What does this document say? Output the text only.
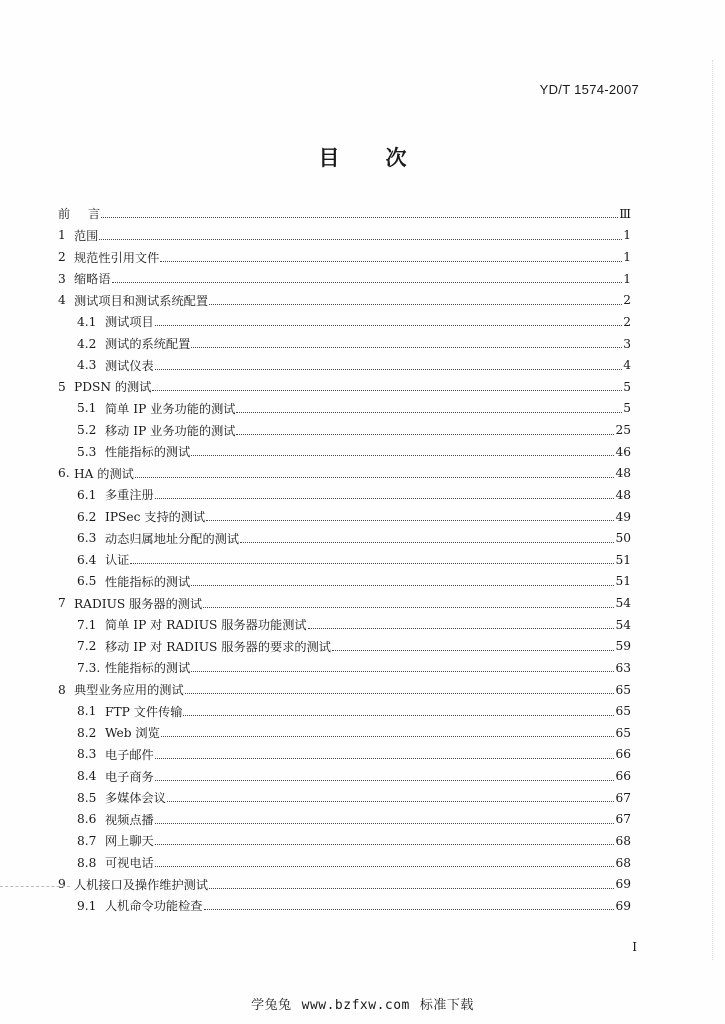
YD/T 1574-2007
目 次
前	言	Ⅲ
1 范围	1
2 规范性引用文件	1
3 缩略语	1
4 测试项目和测试系统配置	2
4.1 测试项目	2
4.2 测试的系统配置	3
4.3 测试仪表	4
5 PDSN 的测试	5
5.1 简单 IP 业务功能的测试	5
5.2 移动 IP 业务功能的测试	25
5.3 性能指标的测试	46
6. HA 的测试	48
6.1 多重注册	48
6.2 IPSec 支持的测试	49
6.3 动态归属地址分配的测试	50
6.4 认证	51
6.5 性能指标的测试	51
7 RADIUS 服务器的测试	54
7.1 简单 IP 对 RADIUS 服务器功能测试	54
7.2 移动 IP 对 RADIUS 服务器的要求的测试	59
7.3. 性能指标的测试	63
8 典型业务应用的测试	65
8.1 FTP 文件传输	65
8.2 Web 浏览	65
8.3 电子邮件	66
8.4 电子商务	66
8.5 多媒体会议	67
8.6 视频点播	67
8.7 网上聊天	68
8.8 可视电话	68
9 人机接口及操作维护测试	69
9.1 人机命令功能检查	69
I
学兔兔 www.bzfxw.com 标准下载
